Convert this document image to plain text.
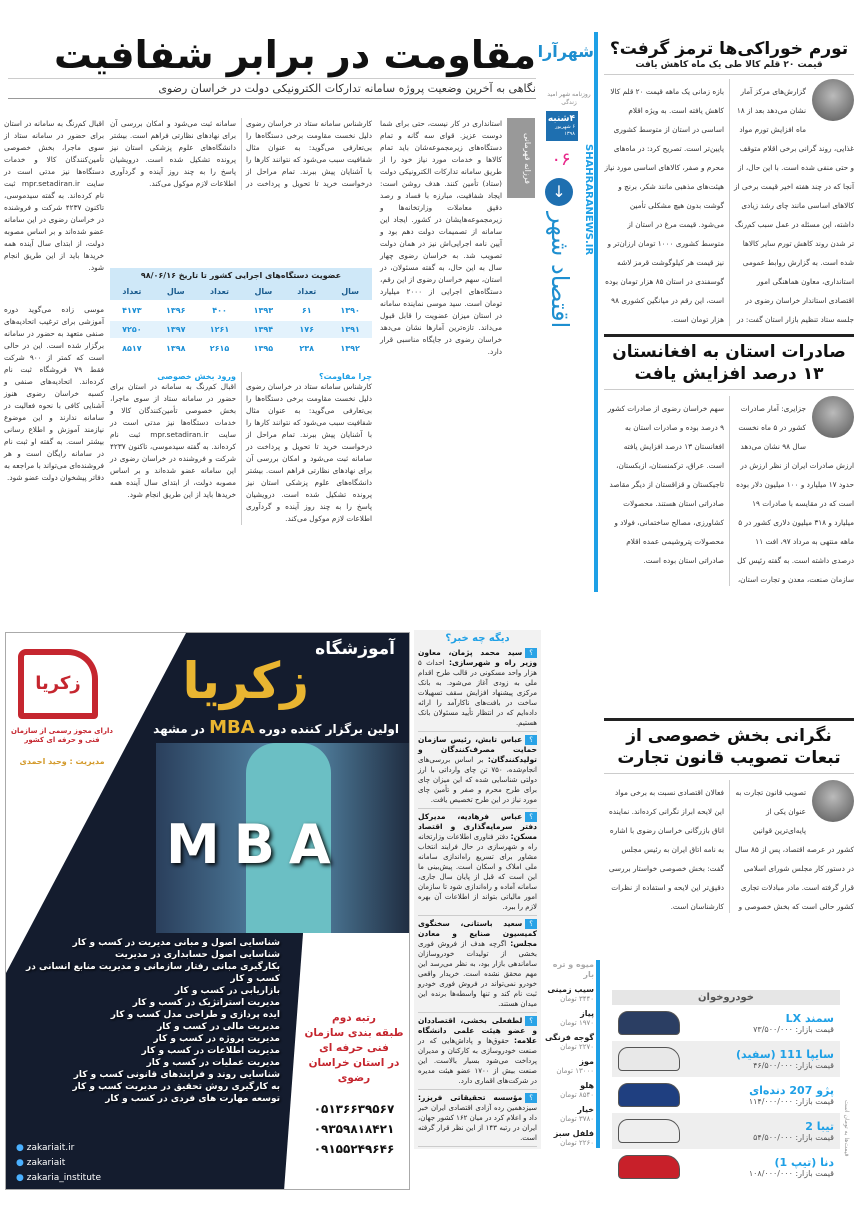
مقاومت در برابر شفافیت
نگاهی به آخرین وضعیت پروژه سامانه تدارکات الکترونیکی دولت در خراسان رضوی
فرزانه قهرمانی
استانداری در کار نیست، حتی برای شما دوست عزیز. قوای سه گانه و تمام دستگاه‌های زیرمجموعه‌شان باید تمام کالاها و خدمات مورد نیاز خود را از طریق سامانه تدارکات الکترونیکی دولت (ستاد) تأمین کنند. هدف روشن است: ایجاد شفافیت، مبارزه با فساد و رصد دقیق معاملات وزارتخانه‌ها و زیرمجموعه‌هایشان در کشور. ایجاد این سامانه از تصمیمات دولت دهم بود و آیین نامه اجرایی‌اش نیز در همان دولت تصویب شد. به خراسان رضوی چهار سال به این حال، به گفته مسئولان، در استان، سهم خراسان رضوی از این رقم، دستگاه‌های اجرایی از ۲۰۰۰ میلیارد تومان است. سید موسی نماینده سامانه در استان میزان عضویت را قابل قبول می‌داند. تازه‌ترین آمارها نشان می‌دهد خراسان رضوی در جایگاه مناسبی قرار دارد.
کارشناس سامانه ستاد در خراسان رضوی دلیل نخست مقاومت برخی دستگاه‌ها را بی‌تعارفی می‌گوید: به عنوان مثال شفافیت سبب می‌شود که نتوانند کارها را با آشنایان پیش ببرند. تمام مراحل از درخواست خرید تا تحویل و پرداخت در سامانه ثبت می‌شود و امکان بررسی آن برای نهادهای نظارتی فراهم است. بیشتر دانشگاه‌های علوم پزشکی استان نیز پرونده تشکیل شده است. درویشیان پاسخ را به چند روز آینده و گردآوری اطلاعات لازم موکول می‌کند.
عضویت دستگاه‌های اجرایی کشور تا تاریخ ۹۸/۰۶/۱۶
سال	تعداد	سال	تعداد	سال	تعداد
۱۳۹۰	۶۱	۱۳۹۳	۴۰۰	۱۳۹۶	۴۱۷۳
۱۳۹۱	۱۷۶	۱۳۹۴	۱۲۶۱	۱۳۹۷	۷۲۵۰
۱۳۹۲	۲۳۸	۱۳۹۵	۲۶۱۵	۱۳۹۸	۸۵۱۷
چرا مقاومت؟
کارشناس سامانه ستاد در خراسان رضوی دلیل نخست مقاومت برخی دستگاه‌ها را بی‌تعارفی می‌گوید: به عنوان مثال شفافیت سبب می‌شود که نتوانند کارها را با آشنایان پیش ببرند. تمام مراحل از درخواست خرید تا تحویل و پرداخت در سامانه ثبت می‌شود و امکان بررسی آن برای نهادهای نظارتی فراهم است. بیشتر دانشگاه‌های علوم پزشکی استان نیز پرونده تشکیل شده است. درویشیان پاسخ را به چند روز آینده و گردآوری اطلاعات لازم موکول می‌کند.
ورود بخش خصوصی
اقبال کم‌رنگ به سامانه در استان برای حضور در سامانه ستاد از سوی ماجرا، بخش خصوصی تأمین‌کنندگان کالا و خدمات دستگاه‌ها نیز مدتی است در سایت mpr.setadiran.ir ثبت نام کرده‌اند. به گفته سیدموسی، تاکنون ۴۲۳۷ شرکت و فروشنده در خراسان رضوی در این سامانه عضو شده‌اند و بر اساس مصوبه دولت، از ابتدای سال آینده همه خریدها باید از این طریق انجام شود.
اقبال کم‌رنگ به سامانه در استان برای حضور در سامانه ستاد از سوی ماجرا، بخش خصوصی تأمین‌کنندگان کالا و خدمات دستگاه‌ها نیز مدتی است در سایت mpr.setadiran.ir ثبت نام کرده‌اند. به گفته سیدموسی، تاکنون ۴۲۳۷ شرکت و فروشنده در خراسان رضوی در این سامانه عضو شده‌اند و بر اساس مصوبه دولت، از ابتدای سال آینده همه خریدها باید از این طریق انجام شود.
موسی زاده می‌گوید دوره آموزشی برای ترغیب اتحادیه‌های صنفی متعهد به حضور در سامانه برگزار شده است. این در حالی است که کمتر از ۹۰۰ شرکت فقط ۷۹ فروشگاه ثبت نام کرده‌اند. اتحادیه‌های صنفی و کسبه خراسان رضوی هنوز آشنایی کافی با نحوه فعالیت در سامانه ندارند و این موضوع نیازمند آموزش و اطلاع رسانی بیشتر است. به گفته او ثبت نام در سامانه رایگان است و هر فروشنده‌ای می‌تواند با مراجعه به دفاتر پیشخوان دولت عضو شود.
شهرآرا
روزنامه شهر امید زندگی
SHAHRARANEWS.IR
۴شنبه
۶ شهریور ۱۳۹۸
۰۶
↓
اقتصاد شهر
تورم خوراکی‌ها ترمز گرفت؟
قیمت ۲۰ قلم کالا طی یک ماه کاهش یافت
گزارش‌های مرکز آمار نشان می‌دهد بعد از ۱۸ ماه افزایش تورم مواد غذایی، روند گرانی برخی اقلام متوقف و حتی منفی شده است. با این حال، از آنجا که در چند هفته اخیر قیمت برخی از کالاهای اساسی مانند چای رشد زیادی داشته، این مسئله در عمل سبب کم‌رنگ تر شدن روند کاهش تورم سایر کالاها شده است. به گزارش روابط عمومی استانداری، معاون هماهنگی امور اقتصادی استاندار خراسان رضوی در جلسه ستاد تنظیم بازار استان گفت: در بازه زمانی یک ماهه قیمت ۲۰ قلم کالا کاهش یافته است. به ویژه اقلام اساسی در استان از متوسط کشوری پایین‌تر است. تصریح کرد: در ماه‌های محرم و صفر، کالاهای اساسی مورد نیاز هیئت‌های مذهبی مانند شکر، برنج و گوشت بدون هیچ مشکلی تأمین می‌شود. قیمت مرغ در استان از متوسط کشوری ۱۰۰۰ تومان ارزان‌تر و نیز قیمت هر کیلوگوشت قرمز لاشه گوسفندی در استان ۸۵ هزار تومان بوده است، این رقم در میانگین کشوری ۹۸ هزار تومان است.
صادرات استان به افغانستان ۱۳ درصد افزایش یافت
جزایری: آمار صادرات کشور در ۵ ماه نخست سال ۹۸ نشان می‌دهد ارزش صادرات ایران از نظر ارزش در حدود ۱۷ میلیارد و ۱۰۰ میلیون دلار بوده است که در مقایسه با صادرات ۱۹ میلیارد و ۳۱۸ میلیون دلاری کشور در ۵ ماهه منتهی به مرداد ۹۷، افت ۱۱ درصدی داشته است. به گفته رئیس کل سازمان صنعت، معدن و تجارت استان، سهم خراسان رضوی از صادرات کشور ۹ درصد بوده و صادرات استان به افغانستان ۱۳ درصد افزایش یافته است. عراق، ترکمنستان، ازبکستان، تاجیکستان و قزاقستان از دیگر مقاصد صادراتی استان هستند. محصولات کشاورزی، مصالح ساختمانی، فولاد و محصولات پتروشیمی عمده اقلام صادراتی استان بوده است.
نگرانی بخش خصوصی از تبعات تصویب قانون تجارت
تصویب قانون تجارت به عنوان یکی از پایه‌ای‌ترین قوانین کشور در عرصه اقتصاد، پس از ۸۵ سال در دستور کار مجلس شورای اسلامی قرار گرفته است. مادر مبادلات تجاری کشور حالی است که بخش خصوصی و فعالان اقتصادی نسبت به برخی مواد این لایحه ابراز نگرانی کرده‌اند. نماینده اتاق بازرگانی خراسان رضوی با اشاره به نامه اتاق ایران به رئیس مجلس گفت: بخش خصوصی خواستار بررسی دقیق‌تر این لایحه و استفاده از نظرات کارشناسان است.
خودروخوان
سمند LX
قیمت بازار: ۷۳/۵۰۰/۰۰۰
سایپا 111 (سفید)
قیمت بازار: ۴۶/۵۰۰/۰۰۰
پژو 207 دنده‌ای
قیمت بازار: ۱۱۴/۰۰۰/۰۰۰
تیبا 2
قیمت بازار: ۵۴/۵۰۰/۰۰۰
دنا (تیپ 1)
قیمت بازار: ۱۰۸/۰۰۰/۰۰۰
قیمت‌ها به تومان است
میوه و تره بار
سیب زمینی
۳۴۴۰ تومان
پیاز
۱۹۷۰ تومان
گوجه فرنگی
۲۲۷۰ تومان
موز
۱۳۰۰۰ تومان
هلو
۸۵۴۰ تومان
خیار
۳۷۸۰ تومان
فلفل سبز
۲۲۶۰ تومان
دیگه چه خبر؟
؟سید محمد پژمان، معاون وزیر راه و شهرسازی: احداث ۵ هزار واحد مسکونی در قالب طرح اقدام ملی به زودی آغاز می‌شود. به بانک مرکزی پیشنهاد افزایش سقف تسهیلات ساخت در بافت‌های ناکارآمد را ارائه داده‌ایم که در انتظار تأیید مسئولان بانک هستیم.
؟عباس تابش، رئیس سازمان حمایت مصرف‌کنندگان و تولیدکنندگان: بر اساس بررسی‌های انجام‌شده، ۷۵۰ تن چای وارداتی با ارز دولتی شناسایی شده که این میزان چای برای طرح محرم و صفر و تأمین چای مورد نیاز در این طرح تخصیص یافت.
؟عباس فرهادیه، مدیرکل دفتر سرمایه‌گذاری و اقتصاد مسکن: دفتر فناوری اطلاعات وزارتخانه راه و شهرسازی در حال فرایند انتخاب مشاور برای تسریع راه‌اندازی سامانه ملی املاک و اسکان است. پیش‌بینی ما این است که قبل از پایان سال جاری، سامانه آماده و راه‌اندازی شود تا سازمان امور مالیاتی بتواند از اطلاعات آن بهره لازم را ببرد.
؟سعید باستانی، سخنگوی کمیسیون صنایع و معادن مجلس: اگرچه هدف از فروش فوری بخشی از تولیدات خودروسازان ساماندهی بازار بود، به نظر می‌رسد این مهم محقق نشده است. خریدار واقعی خودرو نمی‌تواند در فروش فوری خودرو ثبت نام کند و تنها واسطه‌ها برنده این میدان هستند.
؟لطفعلی بخشی، اقتصاددان و عضو هیئت علمی دانشگاه علامه: حقوق‌ها و پاداش‌هایی که در صنعت خودروسازی به کارکنان و مدیران پرداخت می‌شود بسیار بالاست. این صنعت بیش از ۱۷۰۰ عضو هیئت مدیره در شرکت‌های اقماری دارد.
؟مؤسسه تحقیقاتی فریزر: سیزدهمین رده آزادی اقتصادی ایران خبر داد و اعلام کرد در میان ۱۶۲ کشور جهان، ایران در رتبه ۱۴۳ از این نظر قرار گرفته است.
زکریا
دارای مجوز رسمی از سازمان فنی و حرفه ای کشور
مدیریت : وحید احمدی
آموزشگاه
زکریا
اولین برگزار کننده دوره MBA در مشهد
MBA
شناسایی اصول و مبانی مدیریت در کسب و کار
شناسایی اصول حسابداری در مدیریت
بکارگیری مبانی رفتار سازمانی و مدیریت منابع انسانی در کسب و کار
بازاریابی در کسب و کار
مدیریت استراتژیک در کسب و کار
ایده پردازی و طراحی مدل کسب و کار
مدیریت مالی در کسب و کار
مدیریت پروژه در کسب و کار
مدیریت اطلاعات در کسب و کار
مدیریت عملیات در کسب و کار
شناسایی روند و فرایندهای قانونی کسب و کار
به کارگیری روش تحقیق در مدیریت کسب و کار
توسعه مهارت های فردی در کسب و کار
رتبه دوم
طبقه بندی سازمان
فنی حرفه ای
در استان خراسان رضوی
۰۵۱۳۶۶۳۹۵۶۷
۰۹۳۵۹۸۱۸۴۲۱
۰۹۱۵۵۲۴۹۶۴۶
● zakariait.ir
● zakariait
● zakaria_institute
